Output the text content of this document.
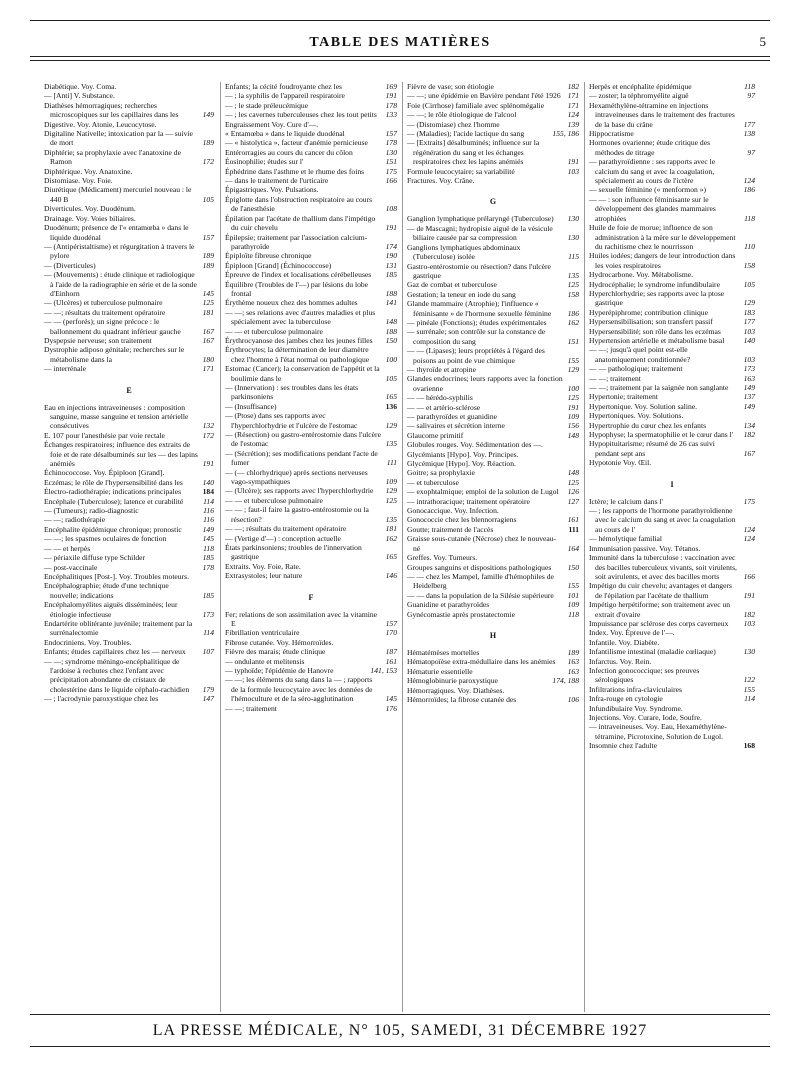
TABLE DES MATIÈRES	5
Diabétique. Voy. Coma.
— [Anti] V. Substance.
Diathèses hémorragiques; recherches microscopiques sur les capillaires dans les	149
Digestive. Voy. Atonie, Leucocytose.
Digitaline Nativelle; intoxication par la — suivie de mort	189
Diphtérie; sa prophylaxie avec l'anatoxine de Ramon	172
Diphtérique. Voy. Anatoxine.
Distomiase. Voy. Foie.
Diurétique (Médicament) mercuriel nouveau : le 440 B	105
Diverticules. Voy. Duodénum.
Drainage. Voy. Voies biliaires.
Duodénum; présence de l'« entamœba » dans le liquide duodénal	157
— (Antipéristaltisme) et régurgitation à travers le pylore	189
— (Diverticules)	189
— (Mouvements) : étude clinique et radiologique à l'aide de la radiographie en série et de la sonde d'Einhorn	145
— (Ulcères) et tuberculose pulmonaire	125
— —; résultats du traitement opératoire	181
— — (perforés); un signe précoce : le ballonnement du quadrant inférieur gauche	167
Dyspepsie nerveuse; son traitement	167
Dystrophie adiposo génitale; recherches sur le métabolisme dans la	180
— interrénale	171
E
Eau en injections intraveineuses : composition sanguine, masse sanguine et tension artérielle consécutives	132
E. 107 pour l'anesthésie par voie rectale	172
Échanges respiratoires; influence des extraits de foie et de rate désalbuminés sur les — des lapins anémiés	191
Échinococcose. Voy. Épiploon [Grand].
Eczémas; le rôle de l'hypersensibilité dans les	140
Électro-radiothérapie; indications principales	184
Encéphale (Tuberculose); latence et curabilité	114
— (Tumeurs); radio-diagnostic	116
— —; radiothérapie	116
Encéphalite épidémique chronique; pronostic	149
— —; les spasmes oculaires de fonction	145
— — et herpès	118
— périaxile diffuse type Schilder	185
— post-vaccinale	178
Encéphalitiques [Post-]. Voy. Troubles moteurs.
Encéphalographie; étude d'une technique nouvelle; indications	185
Encéphalomyélites aiguës disséminées; leur étiologie infectieuse	173
Endartérite oblitérante juvénile; traitement par la surrénalectomie	114
Endocriniens. Voy. Troubles.
Enfants; études capillaires chez les — nerveux 107
— —; syndrome méningo-encéphalitique de l'ardoise à rechutes chez l'enfant avec précipitation abondante de cristaux de cholestérine dans le liquide céphalo-rachidien 179
— ; l'acrodynie paroxystique chez les	147
Enfants; la cécité foudroyante chez les	169
— ; la syphilis de l'appareil respiratoire	191
— ; le stade préleucémique	178
— ; les cavernes tuberculeuses chez les tout petits 133
Engraissement Voy. Cure d'—.
« Entamœba » dans le liquide duodénal	157
— « histolytica », facteur d'anémie pernicieuse 178
Entérorragies au cours du cancer du côlon	130
Éosinophilie; études sur l'	151
Éphédrine dans l'asthme et le rhume des foins	175
— dans le traitement de l'urticaire	166
Épigastriques. Voy. Pulsations.
Épiglotte dans l'obstruction respiratoire au cours de l'anesthésie	108
Épilation par l'acétate de thallium dans l'impétigo du cuir chevelu	191
Épilepsie; traitement par l'association calcium-parathyroïde	174
Épiploïte fibreuse chronique	190
Épiploon [Grand] (Échinococcose)	131
Épreuve de l'index et localisations cérébelleuses 185
Équilibre (Troubles de l'—) par lésions du lobe frontal	188
Érythème noueux chez des hommes adultes	141
— —; ses relations avec d'autres maladies et plus spécialement avec la tuberculose	148
— — et tuberculose pulmonaire	188
Érythrocyanose des jambes chez les jeunes filles 150
Érythrocytes; la détermination de leur diamètre chez l'homme à l'état normal ou pathologique 100
Estomac (Cancer); la conservation de l'appétit et la boulimie dans le	105
— (Innervation) : ses troubles dans les états parkinsoniens	165
— (Insuffisance)	136
— (Ptose) dans ses rapports avec l'hyperchlorhydrie et l'ulcère de l'estomac	129
— (Résection) ou gastro-entérostomie dans l'ulcère de l'estomac	135
— (Sécrétion); ses modifications pendant l'acte de fumer	111
— (— chlorhydrique) après sections nerveuses vago-sympathiques	109
— (Ulcère); ses rapports avec l'hyperchlorhydrie 129
— — et tuberculose pulmonaire	125
— — ; faut-il faire la gastro-entérostomie ou la résection?	135
— —; résultats du traitement opératoire	181
— (Vertige d'—) : conception actuelle	162
États parkinsoniens; troubles de l'innervation gastrique	165
Extraits. Voy. Foie, Rate.
Extrasystoles; leur nature	146
F
Fer; relations de son assimilation avec la vitamine E	157
Fibrillation ventriculaire	170
Fibrose cutanée. Voy. Hémorroïdes.
Fièvre des marais; étude clinique	187
— ondulante et melitensis	161
— typhoïde; l'épidémie de Hanovre	141, 153
— —; les éléments du sang dans la — ; rapports de la formule leucocytaire avec les données de l'hémoculture et de la séro-agglutination	145
— —; traitement	176
Fièvre de vase; son étiologie	182
— —; une épidémie en Bavière pendant l'été 1926 171
Foie (Cirrhose) familiale avec splénomégalie	171
— —; le rôle étiologique de l'alcool	124
— (Distomiase) chez l'homme	139
— (Maladies); l'acide lactique du sang	155, 186
— [Extraits] désalbuminés; influence sur la régénération du sang et les échanges respiratoires chez les lapins anémiés	191
Formule leucocytaire; sa variabilité	103
Fractures. Voy. Crâne.
G
Ganglion lymphatique prélaryngé (Tuberculose) 130
— de Mascagni; hydropisie aiguë de la vésicule biliaire causée par sa compression	130
Ganglions lymphatiques abdominaux (Tuberculose) isolée	115
Gastro-entérostomie ou résection? dans l'ulcère gastrique	135
Gaz de combat et tuberculose	125
Gestation; la teneur en iode du sang	158
Glande mammaire (Atrophie); l'influence « féminisante » de l'hormone sexuelle féminine 186
— pinéale (Fonctions); études expérimentales	162
— surrénale; son contrôle sur la constance de composition du sang	151
— — (Lipases); leurs propriétés à l'égard des poisons au point de vue chimique	155
— thyroïde et atropine	129
Glandes endocrines; leurs rapports avec la fonction ovarienne	100
— — hérédo-syphilis	125
— — et artério-sclérose	191
— parathyroïdes et guanidine	109
— salivaires et sécrétion interne	156
Glaucome primitif	148
Globules rouges. Voy. Sédimentation des —.
Glycémiants [Hypo]. Voy. Principes.
Glycémique [Hypo]. Voy. Réaction.
Goitre; sa prophylaxie	148
— et tuberculose	125
— exophtalmique; emploi de la solution de Lugol 126
— intrathoracique; traitement opératoire	127
Gonocaccique. Voy. Infection.
Gonococcie chez les blennorragiens	161
Goutte; traitement de l'accès	111
Graisse sous-cutanée (Nécrose) chez le nouveau-né	164
Greffes. Voy. Tumeurs.
Groupes sanguins et dispositions pathologiques 150
— — chez les Mampel, famille d'hémophiles de Heidelberg	155
— — dans la population de la Silésie supérieure 101
Guanidine et parathyroïdes	109
Gynécomastie après prostatectomie	118
H
Hématémèses mortelles	189
Hématopoïèse extra-médullaire dans les anémies 163
Hématurie essentielle	163
Hémoglobinurie paroxystique	174, 188
Hémorragiques. Voy. Diathèses.
Hémorroïdes; la fibrose cutanée des	106
Herpès et encéphalite épidémique	118
— zoster; la téphromyélite aiguë	97
Hexaméthylène-tétramine en injections intraveineuses dans le traitement des fractures de la base du crâne	177
Hippocratisme	138
Hormones ovarienne; étude critique des méthodes de titrage	97
— parathyroïdienne : ses rapports avec le calcium du sang et avec la coagulation, spécialement au cours de l'ictère	124
— sexuelle féminine (« menformon »)	186
— — : son influence féminisante sur le développement des glandes mammaires atrophiées	118
Huile de foie de morue; influence de son administration à la mère sur le développement du rachitisme chez le nourrisson	110
Huiles iodées; dangers de leur introduction dans les voies respiratoires	158
Hydrocarbone. Voy. Métabolisme.
Hydrocéphalie; le syndrome infundibulaire	105
Hyperchlorhydrie; ses rapports avec la ptose gastrique	129
Hyperépiphrome; contribution clinique	183
Hypersensibilisation; son transfert passif	177
Hypersensibilité; son rôle dans les eczémas	103
Hypertension artérielle et métabolisme basal	140
— —; jusqu'à quel point est-elle anatomiquement conditionnée?	103
— — pathologique; traitement	173
— —; traitement	163
— —; traitement par la saignée non sanglante 149
Hypertonie; traitement	137
Hypertonique. Voy. Solution saline.	149
Hypertoniques. Voy. Solutions.
Hypertrophie du cœur chez les enfants	134
Hypophyse; la spermatophilie et le cœur dans l' 182
Hypopituitarisme; résumé de 26 cas suivi pendant sept ans	167
Hypotonie Voy. Œil.
I
Ictère; le calcium dans l'	175
— ; les rapports de l'hormone parathyroïdienne avec le calcium du sang et avec la coagulation au cours de l'	124
— hémolytique familial	124
Immunisation passive. Voy. Tétanos.
Immunité dans la tuberculose : vaccination avec des bacilles tuberculeux vivants, soit virulents, soit avirulents, et avec des bacilles morts	166
Impétigo du cuir chevelu; avantages et dangers de l'épilation par l'acétate de thallium	191
Impétigo herpétiforme; son traitement avec un extrait d'ovaire	182
Impuissance par sclérose des corps caverneux 103
Index. Voy. Épreuve de l'—.
Infantile. Voy. Diabète.
Infantilisme intestinal (maladie cœliaque)	130
Infarctus. Voy. Rein.
Infection gonococcique; ses preuves sérologiques	122
Infiltrations infra-claviculaires	155
Infra-rouge en cytologie	114
Infundibulaire Voy. Syndrome.
Injections. Voy. Curare, Iode, Soufre.
— intraveineuses. Voy. Eau, Hexaméthylène-tétramine, Picrotoxine, Solution de Lugol.
Insomnie chez l'adulte	168
LA PRESSE MÉDICALE, N° 105, SAMEDI, 31 DÉCEMBRE 1927
